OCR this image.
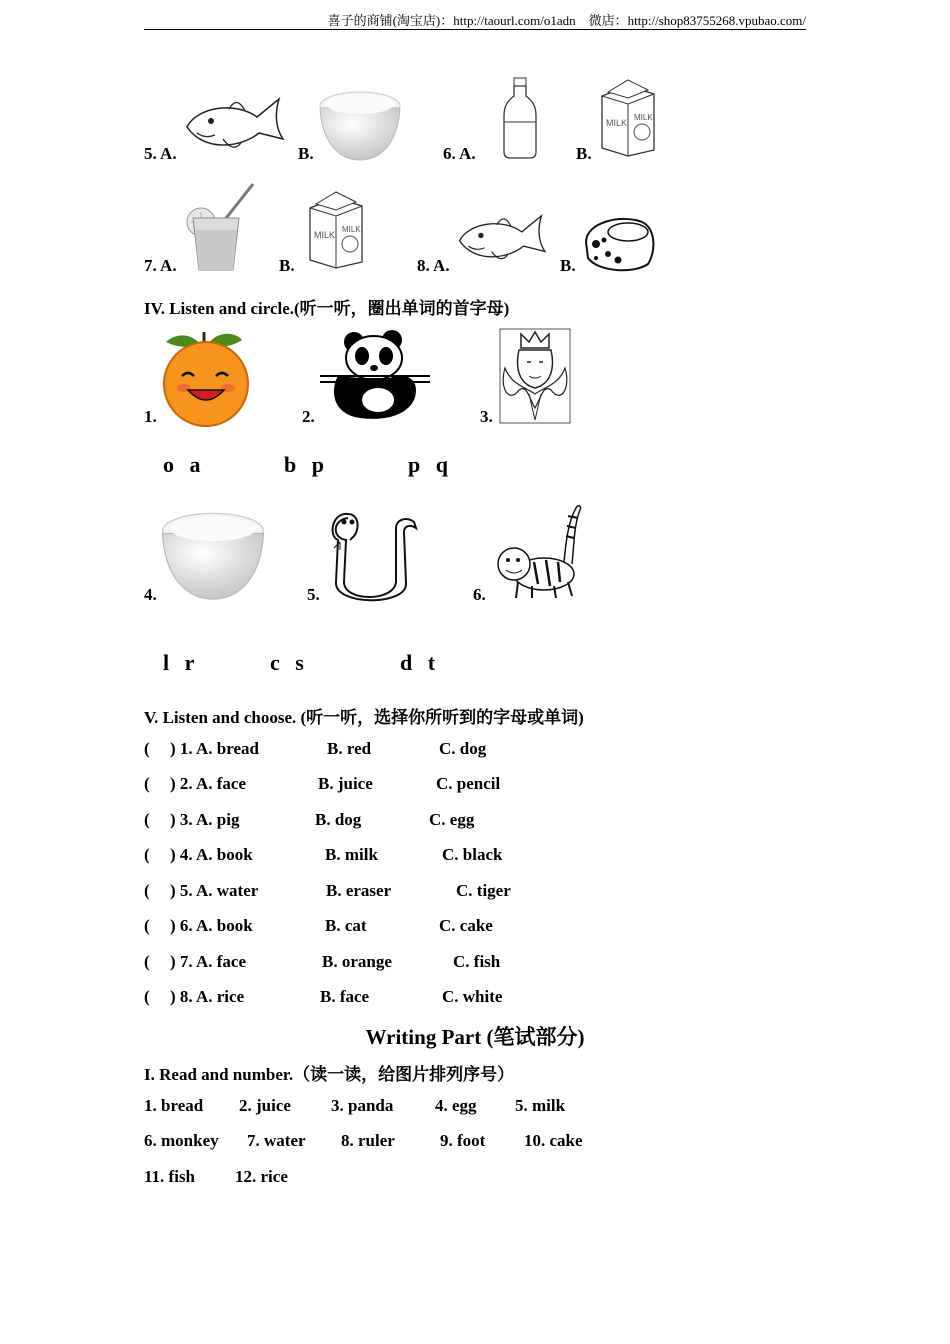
喜子的商铺(淘宝店)：http://taourl.com/o1adn　微店：http://shop83755268.vpubao.com/
5. A.	B.	6. A.	B.
MILK
MILK
7. A.	B.
MILK
MILK
8. A.	B.
IV. Listen and circle.(听一听，圈出单词的首字母)
1.	2.	3.
o a	b p	p q
4.	5.	6.
l r	c s	d t
V. Listen and choose. (听一听，选择你所听到的字母或单词)
( ) 1. A. bread	B. red	C. dog
( ) 2. A. face	B. juice	C. pencil
( ) 3. A. pig	B. dog	C. egg
( ) 4. A. book	B. milk	C. black
( ) 5. A. water	B. eraser	C. tiger
( ) 6. A. book	B. cat	C. cake
( ) 7. A. face	B. orange	C. fish
( ) 8. A. rice	B. face	C. white
Writing Part (笔试部分)
I. Read and number.（读一读，给图片排列序号）
1. bread 2. juice 3. panda 4. egg 5. milk
6. monkey 7. water 8. ruler	9. foot 10. cake
11. fish 12. rice
